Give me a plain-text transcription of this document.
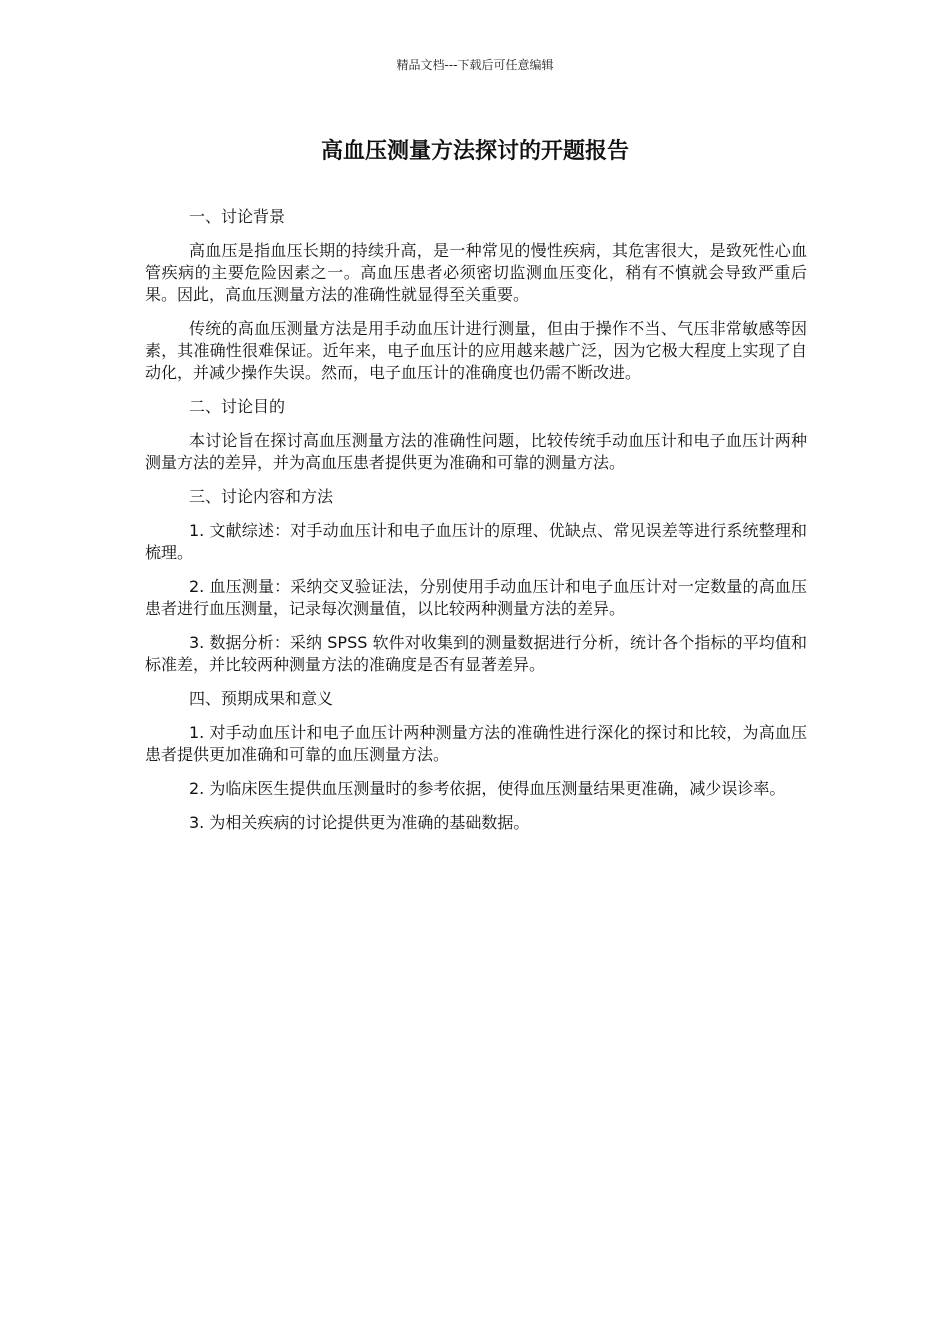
精品文档---下载后可任意编辑
高血压测量方法探讨的开题报告
一、讨论背景

高血压是指血压长期的持续升高，是一种常见的慢性疾病，其危害很大，是致死性心血管疾病的主要危险因素之一。高血压患者必须密切监测血压变化，稍有不慎就会导致严重后果。因此，高血压测量方法的准确性就显得至关重要。

传统的高血压测量方法是用手动血压计进行测量，但由于操作不当、气压非常敏感等因素，其准确性很难保证。近年来，电子血压计的应用越来越广泛，因为它极大程度上实现了自动化，并减少操作失误。然而，电子血压计的准确度也仍需不断改进。

二、讨论目的

本讨论旨在探讨高血压测量方法的准确性问题，比较传统手动血压计和电子血压计两种测量方法的差异，并为高血压患者提供更为准确和可靠的测量方法。

三、讨论内容和方法

1. 文献综述：对手动血压计和电子血压计的原理、优缺点、常见误差等进行系统整理和梳理。

2. 血压测量：采纳交叉验证法，分别使用手动血压计和电子血压计对一定数量的高血压患者进行血压测量，记录每次测量值，以比较两种测量方法的差异。

3. 数据分析：采纳 SPSS 软件对收集到的测量数据进行分析，统计各个指标的平均值和标准差，并比较两种测量方法的准确度是否有显著差异。

四、预期成果和意义

1. 对手动血压计和电子血压计两种测量方法的准确性进行深化的探讨和比较，为高血压患者提供更加准确和可靠的血压测量方法。

2. 为临床医生提供血压测量时的参考依据，使得血压测量结果更准确，减少误诊率。

3. 为相关疾病的讨论提供更为准确的基础数据。
